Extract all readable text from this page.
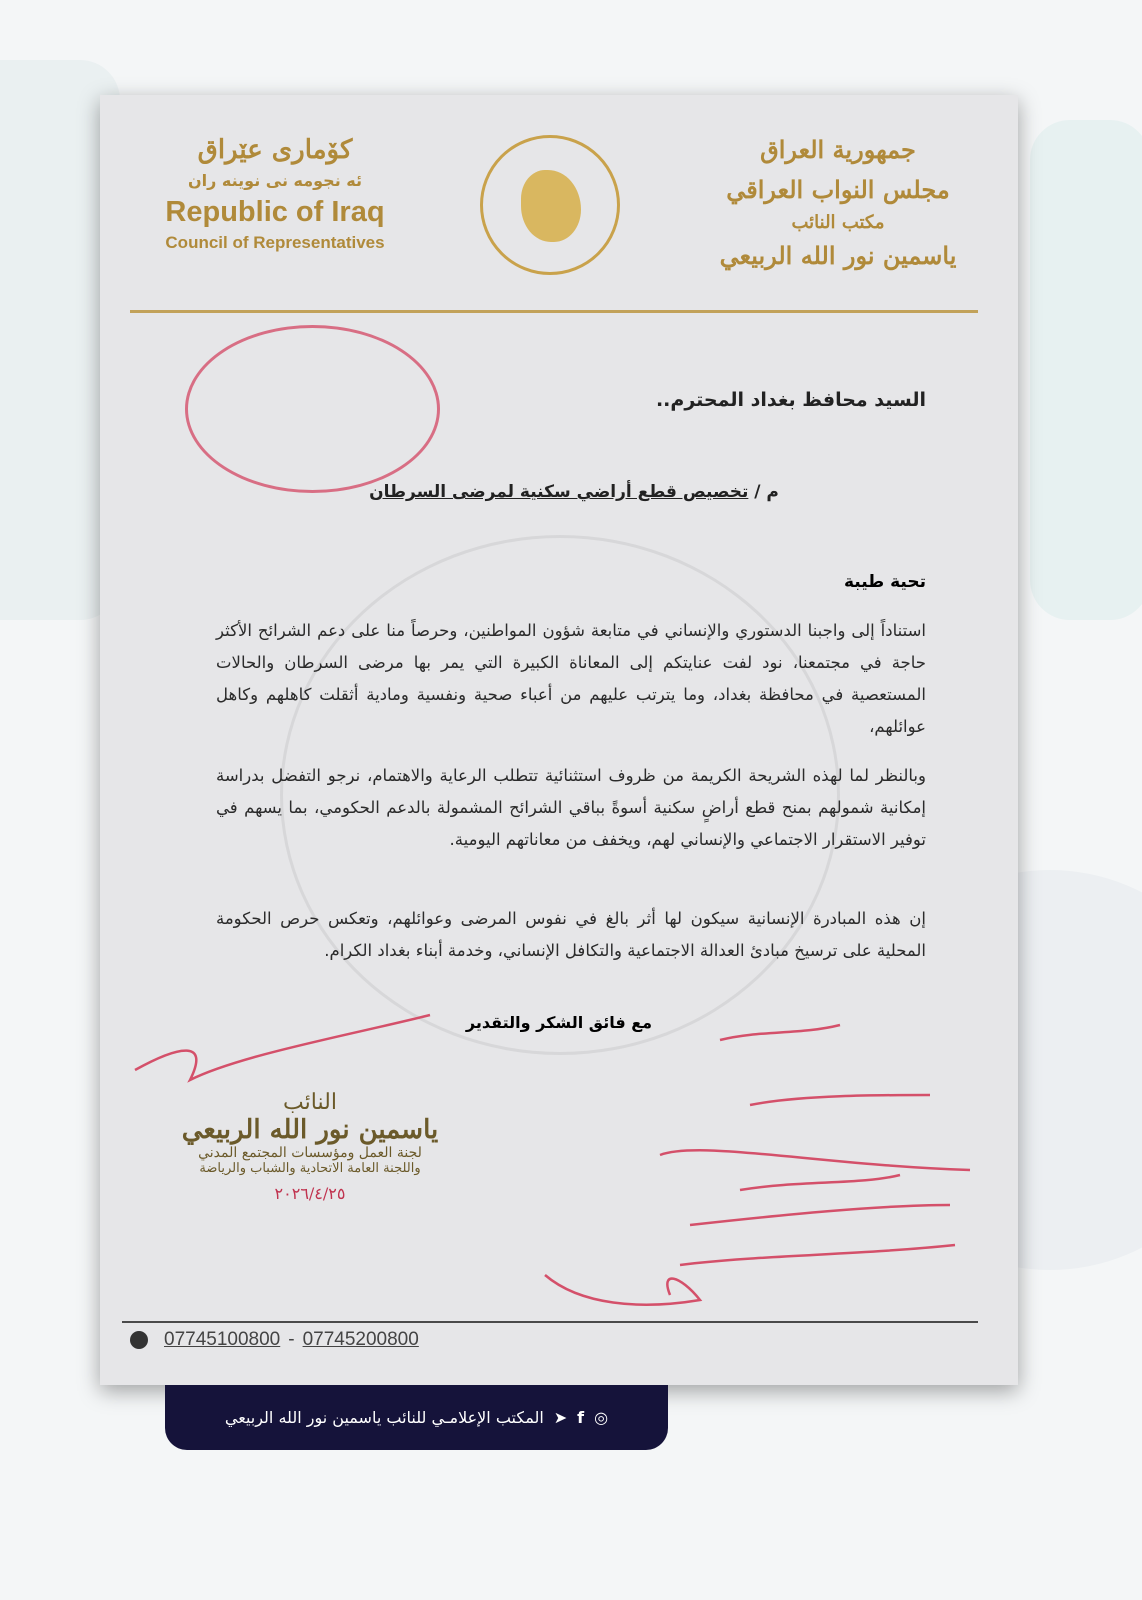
جمهورية العراق
مجلس النواب العراقي
مكتب النائب
ياسمين نور الله الربيعي
کۆماری عێراق
ئه نجومه نی نوینه ران
Republic of Iraq
Council of Representatives
السيد محافظ بغداد المحترم..
م / تخصيص قطع أراضي سكنية لمرضى السرطان
تحية طيبة

استناداً إلى واجبنا الدستوري والإنساني في متابعة شؤون المواطنين، وحرصاً منا على دعم الشرائح الأكثر حاجة في مجتمعنا، نود لفت عنايتكم إلى المعاناة الكبيرة التي يمر بها مرضى السرطان والحالات المستعصية في محافظة بغداد، وما يترتب عليهم من أعباء صحية ونفسية ومادية أثقلت كاهلهم وكاهل عوائلهم،

وبالنظر لما لهذه الشريحة الكريمة من ظروف استثنائية تتطلب الرعاية والاهتمام، نرجو التفضل بدراسة إمكانية شمولهم بمنح قطع أراضٍ سكنية أسوةً بباقي الشرائح المشمولة بالدعم الحكومي، بما يسهم في توفير الاستقرار الاجتماعي والإنساني لهم، ويخفف من معاناتهم اليومية.

إن هذه المبادرة الإنسانية سيكون لها أثر بالغ في نفوس المرضى وعوائلهم، وتعكس حرص الحكومة المحلية على ترسيخ مبادئ العدالة الاجتماعية والتكافل الإنساني، وخدمة أبناء بغداد الكرام.

مع فائق الشكر والتقدير
النائب
ياسمين نور الله الربيعي
لجنة العمل ومؤسسات المجتمع المدني
واللجنة العامة الاتحادية والشباب والرياضة
٢٠٢٦/٤/٢٥
07745100800 - 07745200800
◎
f
➤
المكتب الإعلامـي للنائب ياسمين نور الله الربيعي
